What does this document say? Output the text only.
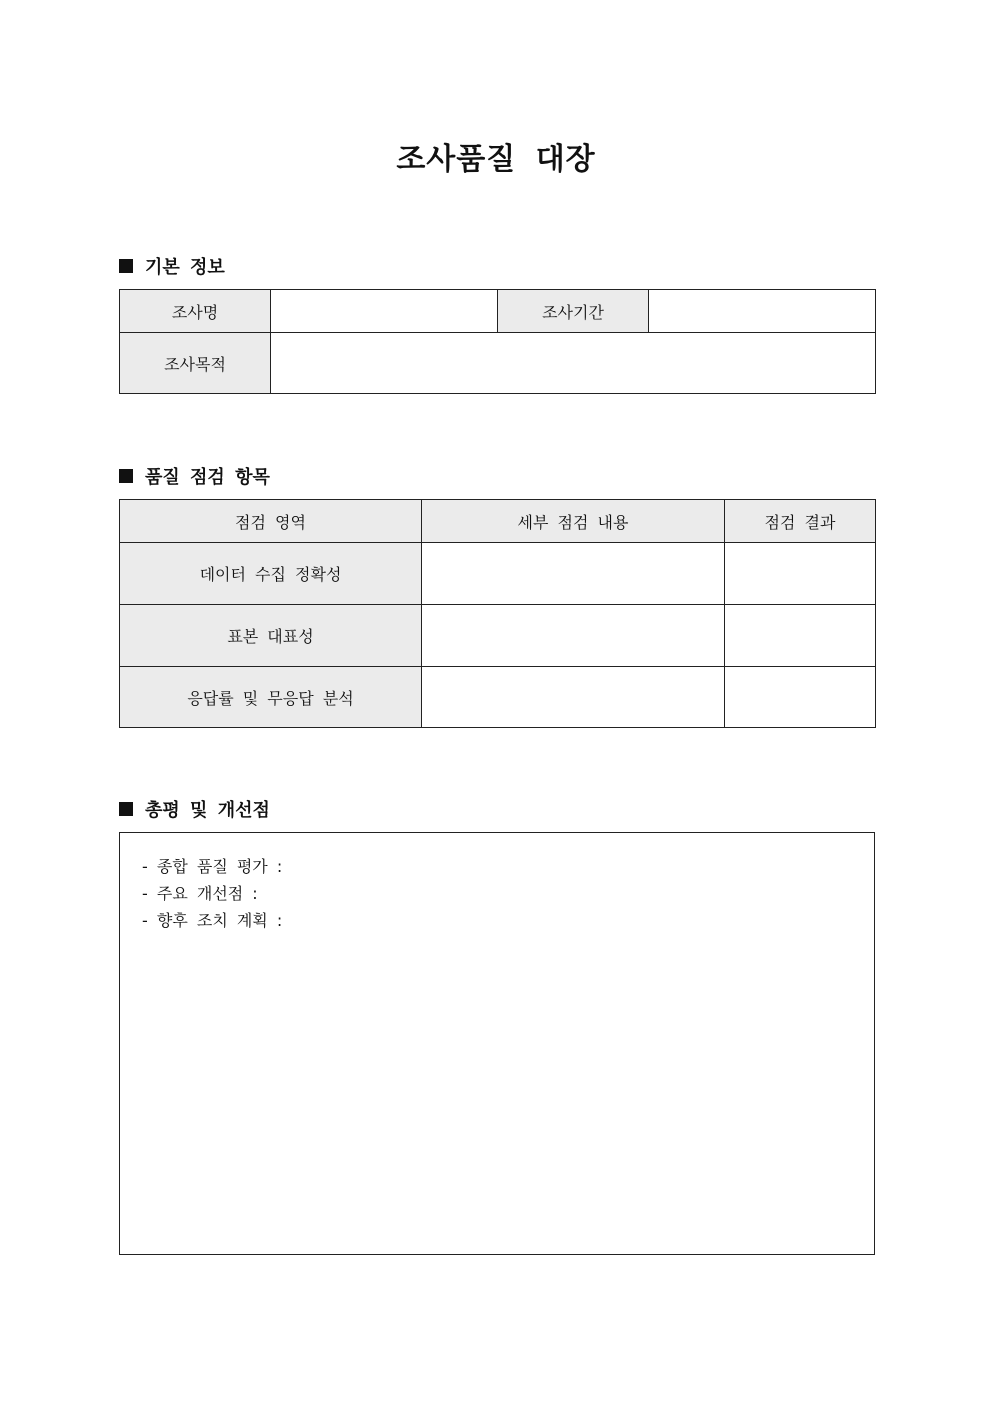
조사품질 대장
기본 정보
조사명		조사기간	
조사목적			
품질 점검 항목
점검 영역	세부 점검 내용	점검 결과
데이터 수집 정확성		
표본 대표성		
응답률 및 무응답 분석		
총평 및 개선점
- 종합 품질 평가 :
- 주요 개선점 :
- 향후 조치 계획 :
